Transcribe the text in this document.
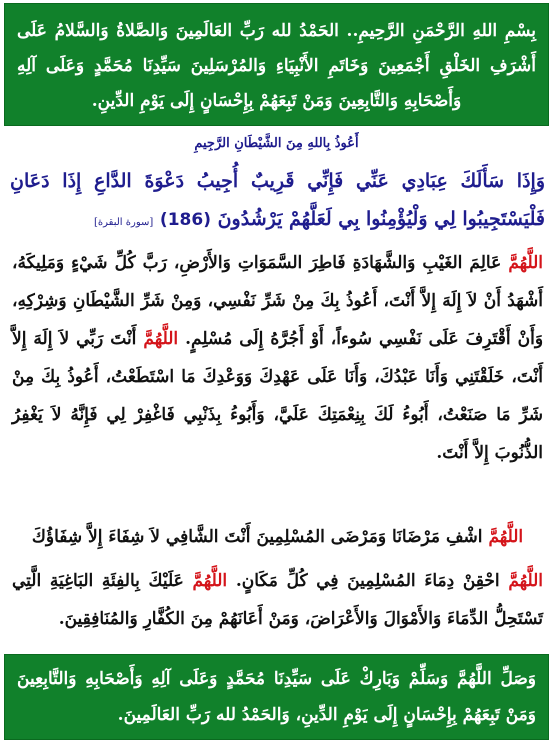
بِسْمِ اللهِ الرَّحْمَنِ الرَّحِيمِ.. الحَمْدُ لله رَبِّ العَالَمِينَ وَالصَّلاةُ وَالسَّلامُ عَلَى أَشْرَفِ الخَلْقِ أَجْمَعِينَ وَخَاتَمِ الأَنْبِيَاءِ وَالمُرْسَلِينَ سَيِّدِنَا مُحَمَّدٍ وَعَلَى آلِهِ وَأَصْحَابِهِ وَالتَّابِعِينَ وَمَنْ تَبِعَهُمْ بِإِحْسَانٍ إِلَى يَوْمِ الدِّينِ.
أَعُوذُ بِاللهِ مِنَ الشَّيْطَانِ الرَّجِيمِ
وَإِذَا سَأَلَكَ عِبَادِي عَنِّي فَإِنِّي قَرِيبٌ أُجِيبُ دَعْوَةَ الدَّاعِ إِذَا دَعَانِ فَلْيَسْتَجِيبُوا لِي وَلْيُؤْمِنُوا بِي لَعَلَّهُمْ يَرْشُدُونَ (186) [سورة البقرة]
اللَّهُمَّ عَالِمَ الغَيْبِ وَالشَّهَادَةِ فَاطِرَ السَّمَوَاتِ وَالأَرْضِ، رَبَّ كُلِّ شَيْءٍ وَمَلِيكَهُ، أَشْهَدُ أَنْ لاَ إِلَهَ إِلاَّ أَنْتَ، أَعُوذُ بِكَ مِنْ شَرِّ نَفْسِي، وَمِنْ شَرِّ الشَّيْطَانِ وَشِرْكِهِ، وَأَنْ أَقْتَرِفَ عَلَى نَفْسِي سُوءاً، أَوْ أَجُرَّهُ إِلَى مُسْلِمٍ. اللَّهُمَّ أَنْتَ رَبِّي لاَ إِلَهَ إِلاَّ أَنْتَ، خَلَقْتَنِي وَأَنَا عَبْدُكَ، وَأَنَا عَلَى عَهْدِكَ وَوَعْدِكَ مَا اسْتَطَعْتُ، أَعُوذُ بِكَ مِنْ شَرِّ مَا صَنَعْتُ، أَبُوءُ لَكَ بِنِعْمَتِكَ عَلَيَّ، وَأَبُوءُ بِذَنْبِي فَاغْفِرْ لِي فَإِنَّهُ لاَ يَغْفِرُ الذُّنُوبَ إِلاَّ أَنْتَ.
اللَّهُمَّ اشْفِ مَرْضَانَا وَمَرْضَى المُسْلِمِينَ أَنْتَ الشَّافِي لاَ شِفَاءَ إِلاَّ شِفَاؤُكَ
اللَّهُمَّ احْقِنْ دِمَاءَ المُسْلِمِينَ فِي كُلِّ مَكَانٍ. اللَّهُمَّ عَلَيْكَ بِالفِئَةِ البَاغِيَةِ الَّتِي تَسْتَحِلُّ الدِّمَاءَ وَالأَمْوَالَ وَالأَعْرَاضَ، وَمَنْ أَعَانَهُمْ مِنَ الكُفَّارِ وَالمُنَافِقِينَ.
وَصَلِّ اللَّهُمَّ وَسَلِّمْ وَبَارِكْ عَلَى سَيِّدِنَا مُحَمَّدٍ وَعَلَى آلِهِ وَأَصْحَابِهِ وَالتَّابِعِينَ وَمَنْ تَبِعَهُمْ بِإِحْسَانٍ إِلَى يَوْمِ الدِّينِ، وَالحَمْدُ لله رَبِّ العَالَمِينَ.
